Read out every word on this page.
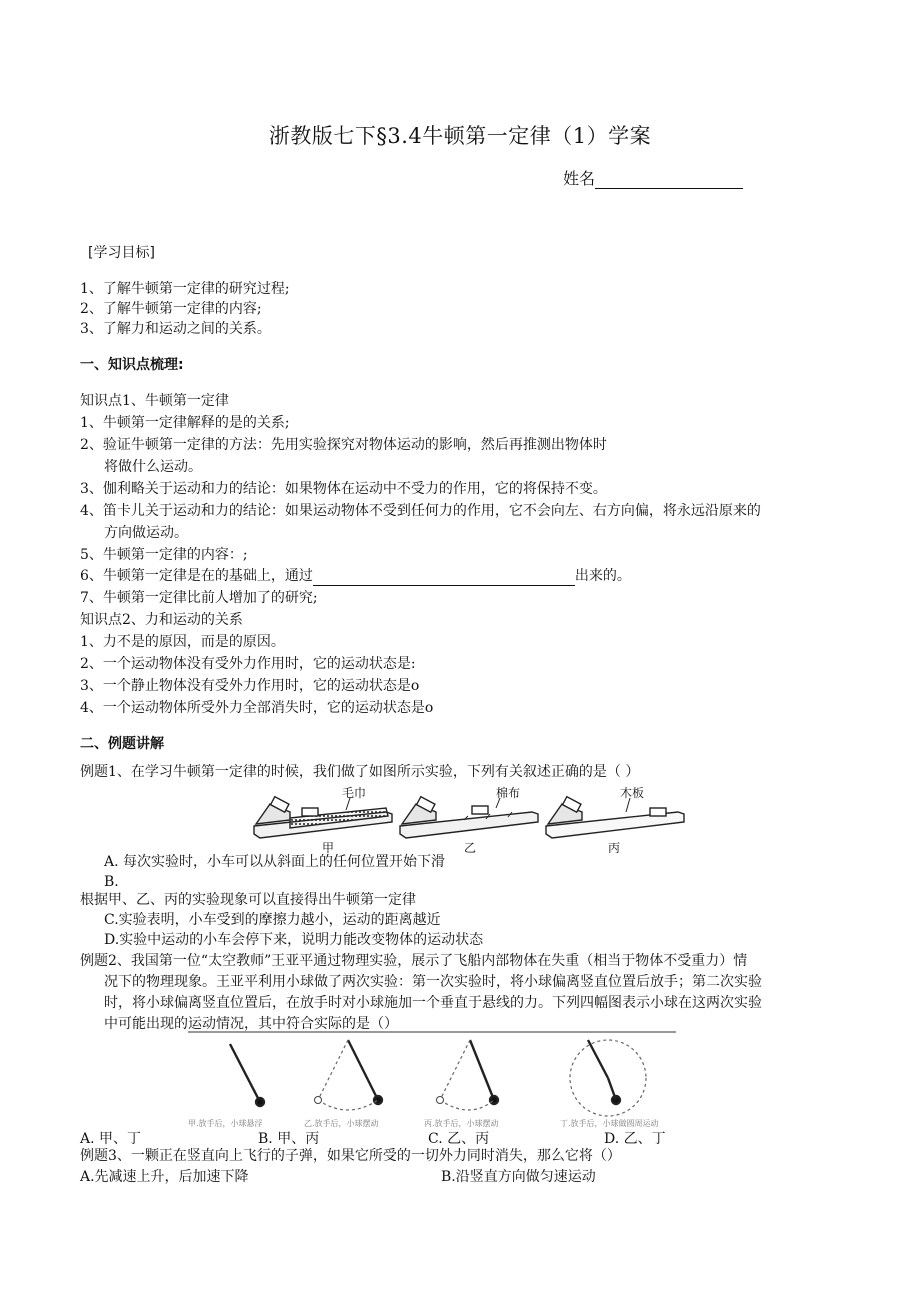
浙教版七下§3.4牛顿第一定律（1）学案
姓名
[学习目标]
1、了解牛顿第一定律的研究过程;
2、了解牛顿第一定律的内容;
3、了解力和运动之间的关系。
一、知识点梳理:
知识点1、牛顿第一定律
1、牛顿第一定律解释的是的关系;
2、验证牛顿第一定律的方法：先用实验探究对物体运动的影响，然后再推测出物体时
将做什么运动。
3、伽利略关于运动和力的结论：如果物体在运动中不受力的作用，它的将保持不变。
4、笛卡儿关于运动和力的结论：如果运动物体不受到任何力的作用，它不会向左、右方向偏，将永远沿原来的
方向做运动。
5、牛顿第一定律的内容：;
6、牛顿第一定律是在的基础上，通过	出来的。
7、牛顿第一定律比前人增加了的研究;
知识点2、力和运动的关系
1、力不是的原因，而是的原因。
2、一个运动物体没有受外力作用时，它的运动状态是:
3、一个静止物体没有受外力作用时，它的运动状态是o
4、一个运动物体所受外力全部消失时，它的运动状态是o
二、例题讲解
例题1、在学习牛顿第一定律的时候，我们做了如图所示实验，下列有关叙述正确的是（ ）
毛巾	棉布	木板
甲	乙	丙
A. 每次实验时，小车可以从斜面上的任何位置开始下滑
B.
根据甲、乙、丙的实验现象可以直接得出牛顿第一定律
C.实验表明，小车受到的摩擦力越小，运动的距离越近
D.实验中运动的小车会停下来，说明力能改变物体的运动状态
例题2、我国第一位“太空教师”王亚平通过物理实验，展示了飞船内部物体在失重（相当于物体不受重力）情
况下的物理现象。王亚平利用小球做了两次实验：第一次实验时，将小球偏离竖直位置后放手；第二次实验
时，将小球偏离竖直位置后，在放手时对小球施加一个垂直于悬线的力。下列四幅图表示小球在这两次实验
中可能出现的运动情况，其中符合实际的是（）
甲.放手后，小球悬浮	乙.放手后，小球摆动	丙.放手后，小球摆动	丁.放手后，小球做圆周运动
A. 甲、丁	B. 甲、丙	C. 乙、丙	D. 乙、丁
例题3、一颗正在竖直向上飞行的子弹，如果它所受的一切外力同时消失，那么它将（）
A.先减速上升，后加速下降	B.沿竖直方向做匀速运动
